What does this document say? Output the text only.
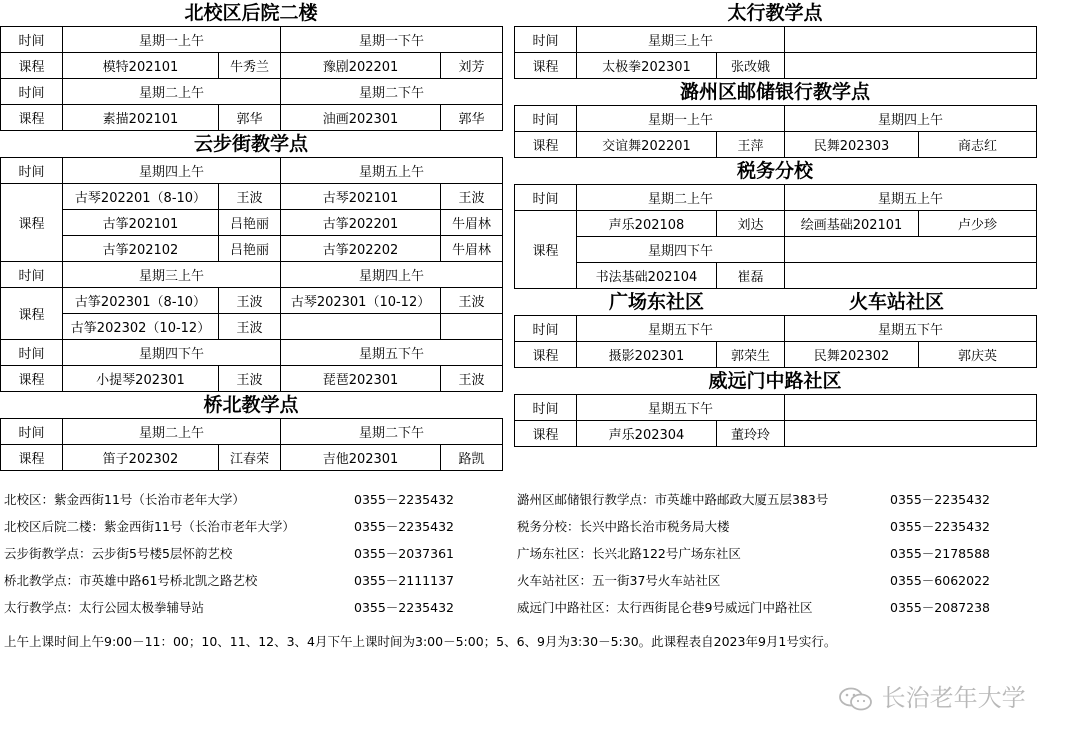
北校区后院二楼
时间	星期一上午		星期一下午	
课程	模特202101	牛秀兰	豫剧202201	刘芳
时间	星期二上午		星期二下午	
课程	素描202101	郭华	油画202301	郭华
云步街教学点
时间	星期四上午		星期五上午	
课程	古琴202201（8-10）	王波	古琴202101	王波
	古筝202101	吕艳丽	古筝202201	牛眉林
	古筝202102	吕艳丽	古筝202202	牛眉林
时间	星期三上午		星期四上午	
课程	古筝202301（8-10）	王波	古琴202301（10-12）	王波
	古筝202302（10-12）	王波		
时间	星期四下午		星期五下午	
课程	小提琴202301	王波	琵琶202301	王波
桥北教学点
时间	星期二上午		星期二下午	
课程	笛子202302	江春荣	吉他202301	路凯
太行教学点
时间	星期三上午		
课程	太极拳202301	张改娥	
潞州区邮储银行教学点
时间	星期一上午		星期四上午	
课程	交谊舞202201	王萍	民舞202303	商志红
税务分校
时间	星期二上午		星期五上午	
课程	声乐202108	刘达	绘画基础202101	卢少珍
	星期四下午			
	书法基础202104	崔磊		
广场东社区	火车站社区
时间	星期五下午		星期五下午	
课程	摄影202301	郭荣生	民舞202302	郭庆英
威远门中路社区
时间	星期五下午		
课程	声乐202304	董玲玲	
北校区：紫金西街11号（长治市老年大学）	0355－2235432
北校区后院二楼：紫金西街11号（长治市老年大学）	0355－2235432
云步街教学点：云步街5号楼5层怀韵艺校	0355－2037361
桥北教学点：市英雄中路61号桥北凯之路艺校	0355－2111137
太行教学点：太行公园太极拳辅导站	0355－2235432
潞州区邮储银行教学点：市英雄中路邮政大厦五层383号	0355－2235432
税务分校：长兴中路长治市税务局大楼	0355－2235432
广场东社区：长兴北路122号广场东社区	0355－2178588
火车站社区：五一街37号火车站社区	0355－6062022
威远门中路社区：太行西街昆仑巷9号威远门中路社区	0355－2087238
上午上课时间上午9:00－11：00；10、11、12、3、4月下午上课时间为3:00－5:00；5、6、9月为3:30－5:30。此课程表自2023年9月1号实行。
长治老年大学
